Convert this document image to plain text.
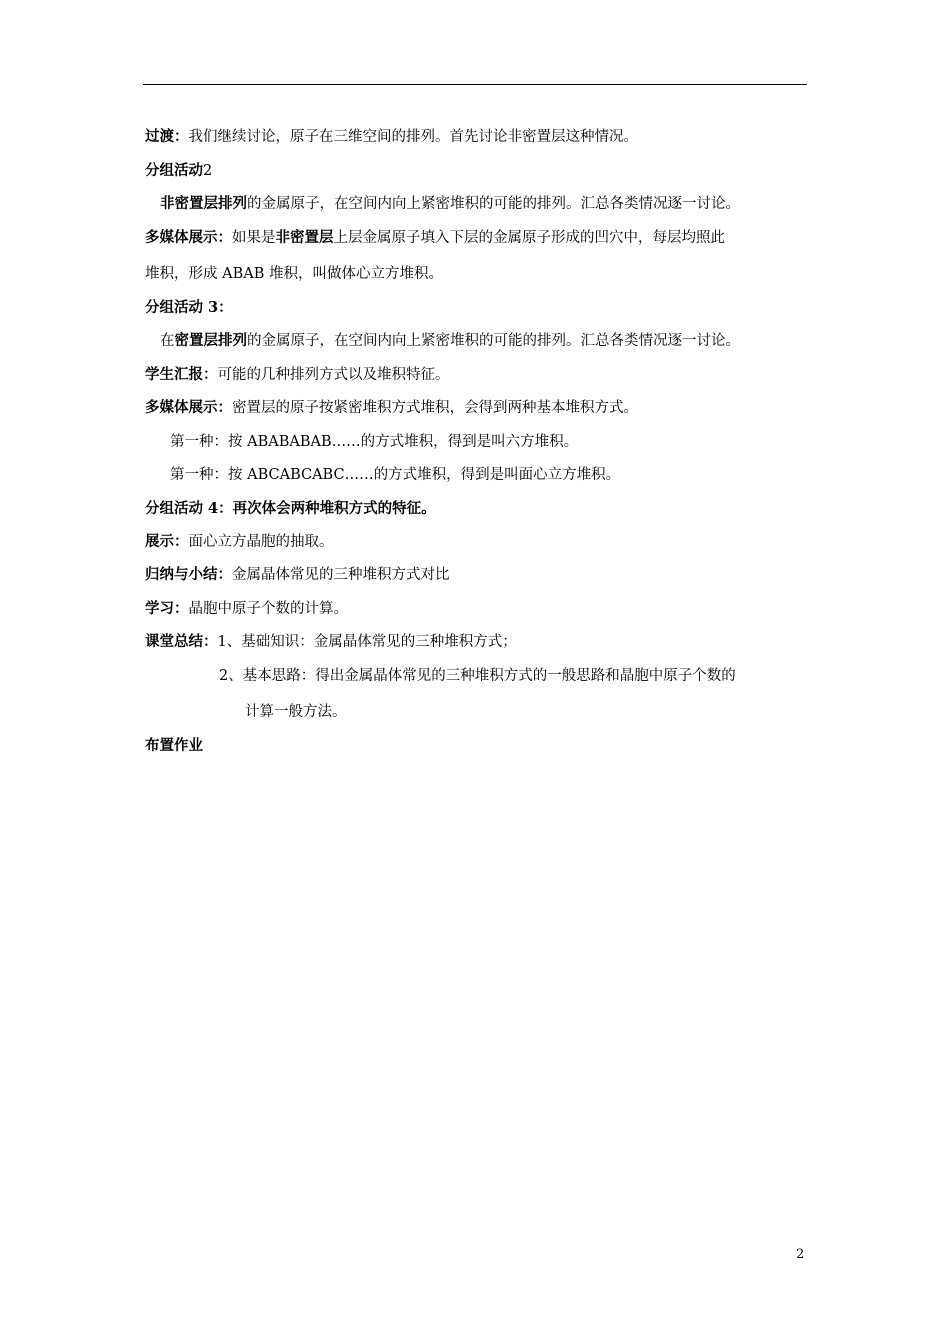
过渡：我们继续讨论，原子在三维空间的排列。首先讨论非密置层这种情况。
分组活动2
非密置层排列的金属原子，在空间内向上紧密堆积的可能的排列。汇总各类情况逐一讨论。
多媒体展示：如果是非密置层上层金属原子填入下层的金属原子形成的凹穴中，每层均照此
堆积，形成 ABAB 堆积，叫做体心立方堆积。
分组活动 3：
在密置层排列的金属原子，在空间内向上紧密堆积的可能的排列。汇总各类情况逐一讨论。
学生汇报：可能的几种排列方式以及堆积特征。
多媒体展示：密置层的原子按紧密堆积方式堆积，会得到两种基本堆积方式。
第一种：按 ABABABAB……的方式堆积，得到是叫六方堆积。
第一种：按 ABCABCABC……的方式堆积，得到是叫面心立方堆积。
分组活动 4：再次体会两种堆积方式的特征。
展示：面心立方晶胞的抽取。
归纳与小结：金属晶体常见的三种堆积方式对比
学习：晶胞中原子个数的计算。
课堂总结：1、基础知识：金属晶体常见的三种堆积方式；
2、基本思路：得出金属晶体常见的三种堆积方式的一般思路和晶胞中原子个数的
计算一般方法。
布置作业
2
